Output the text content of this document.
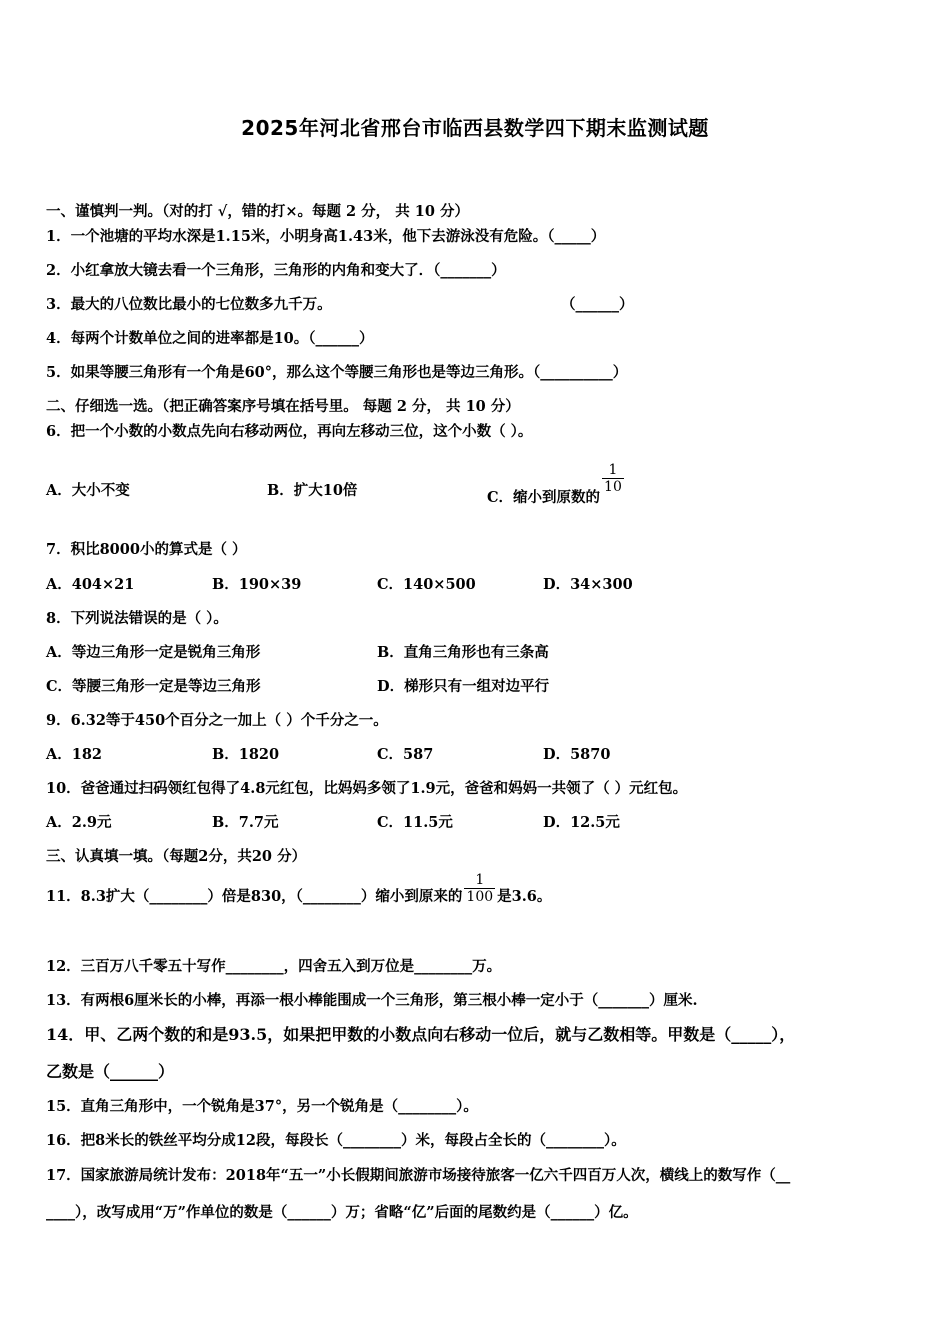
2025年河北省邢台市临西县数学四下期末监测试题
一、谨慎判一判。（对的打 √，错的打×。每题 2 分， 共 10 分）
1．一个池塘的平均水深是1.15米，小明身高1.43米，他下去游泳没有危险。（_____）
2．小红拿放大镜去看一个三角形，三角形的内角和变大了．（_______）
3．最大的八位数比最小的七位数多九千万。	（______）
4．每两个计数单位之间的进率都是10。（______）
5．如果等腰三角形有一个角是60°，那么这个等腰三角形也是等边三角形。（__________）
二、仔细选一选。（把正确答案序号填在括号里。 每题 2 分， 共 10 分）
6．把一个小数的小数点先向右移动两位，再向左移动三位，这个小数（ ）。
A．大小不变	B．扩大10倍	C．缩小到原数的
$\frac{1}{10}$
7．积比8000小的算式是（ ）
A．404×21	B．190×39	C．140×500	D．34×300
8．下列说法错误的是（ ）。
A．等边三角形一定是锐角三角形	B．直角三角形也有三条高
C．等腰三角形一定是等边三角形	D．梯形只有一组对边平行
9．6.32等于450个百分之一加上（ ）个千分之一。
A．182	B．1820	C．587	D．5870
10．爸爸通过扫码领红包得了4.8元红包，比妈妈多领了1.9元，爸爸和妈妈一共领了（ ）元红包。
A．2.9元	B．7.7元	C．11.5元	D．12.5元
三、认真填一填。（每题2分，共20 分）
11．8.3扩大（________）倍是830，（________）缩小到原来的 $\frac{1}{100}$ 是3.6。
12．三百万八千零五十写作________，四舍五入到万位是________万。
13．有两根6厘米长的小棒，再添一根小棒能围成一个三角形，第三根小棒一定小于（_______）厘米.
14．甲、乙两个数的和是93.5，如果把甲数的小数点向右移动一位后，就与乙数相等。甲数是（_____），
乙数是（______）
15．直角三角形中，一个锐角是37°，另一个锐角是（________）。
16．把8米长的铁丝平均分成12段，每段长（________）米，每段占全长的（________）。
17．国家旅游局统计发布：2018年“五一”小长假期间旅游市场接待旅客一亿六千四百万人次，横线上的数写作（__
____），改写成用“万”作单位的数是（______）万；省略“亿”后面的尾数约是（______）亿。
